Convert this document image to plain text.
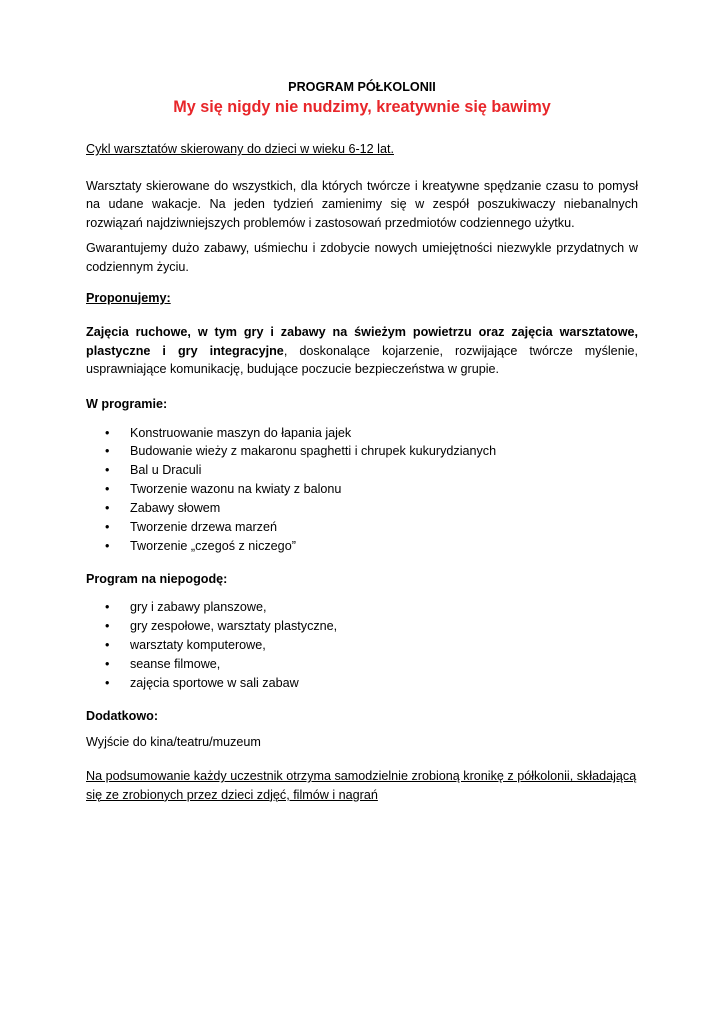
PROGRAM PÓŁKOLONII

My się nigdy nie nudzimy, kreatywnie się bawimy

Cykl warsztatów skierowany do dzieci w wieku 6-12 lat.

Warsztaty skierowane do wszystkich, dla których twórcze i kreatywne spędzanie czasu to pomysł na udane wakacje. Na jeden tydzień zamienimy się w zespół poszukiwaczy niebanalnych rozwiązań najdziwniejszych problemów i zastosowań przedmiotów codziennego użytku.

Gwarantujemy dużo zabawy, uśmiechu i zdobycie nowych umiejętności niezwykle przydatnych w codziennym życiu.

Proponujemy:

Zajęcia ruchowe, w tym gry i zabawy na świeżym powietrzu oraz zajęcia warsztatowe, plastyczne i gry integracyjne, doskonalące kojarzenie, rozwijające twórcze myślenie, usprawniające komunikację, budujące poczucie bezpieczeństwa w grupie.

W programie:

• Konstruowanie maszyn do łapania jajek
• Budowanie wieży z makaronu spaghetti i chrupek kukurydzianych
• Bal u Draculi
• Tworzenie wazonu na kwiaty z balonu
• Zabawy słowem
• Tworzenie drzewa marzeń
• Tworzenie „czegoś z niczego”

Program na niepogodę:

• gry i zabawy planszowe,
• gry zespołowe, warsztaty plastyczne,
• warsztaty komputerowe,
• seanse filmowe,
• zajęcia sportowe w sali zabaw

Dodatkowo:

Wyjście do kina/teatru/muzeum

Na podsumowanie każdy uczestnik otrzyma samodzielnie zrobioną kronikę z półkolonii, składającą się ze zrobionych przez dzieci zdjęć, filmów i nagrań
